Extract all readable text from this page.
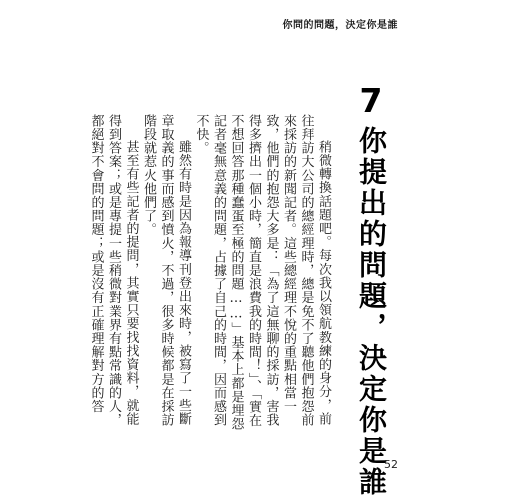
你問的問題，決定你是誰
7
你提出的問題，決定你是誰

稍微轉換話題吧。每次我以領航教練的身分，前往拜訪大公司的總經理時，總是免不了聽他們抱怨前來採訪的新聞記者。這些總經理不悅的重點相當一致，他們的抱怨大多是：「為了這無聊的採訪，害我得多擠出一個小時，簡直是浪費我的時間！」、「實在不想回答那種蠢蛋至極的問題……」基本上都是埋怨記者毫無意義的問題，占據了自己的時間，因而感到不快。

雖然有時是因為報導刊登出來時，被寫了一些斷章取義的事而感到憤火，不過，很多時候都是在採訪階段就惹火他們了。

甚至有些記者的提問，其實只要找找資料，就能得到答案；或是專提一些稍微對業界有點常識的人，都絕對不會問的問題；或是沒有正確理解對方的答

52
